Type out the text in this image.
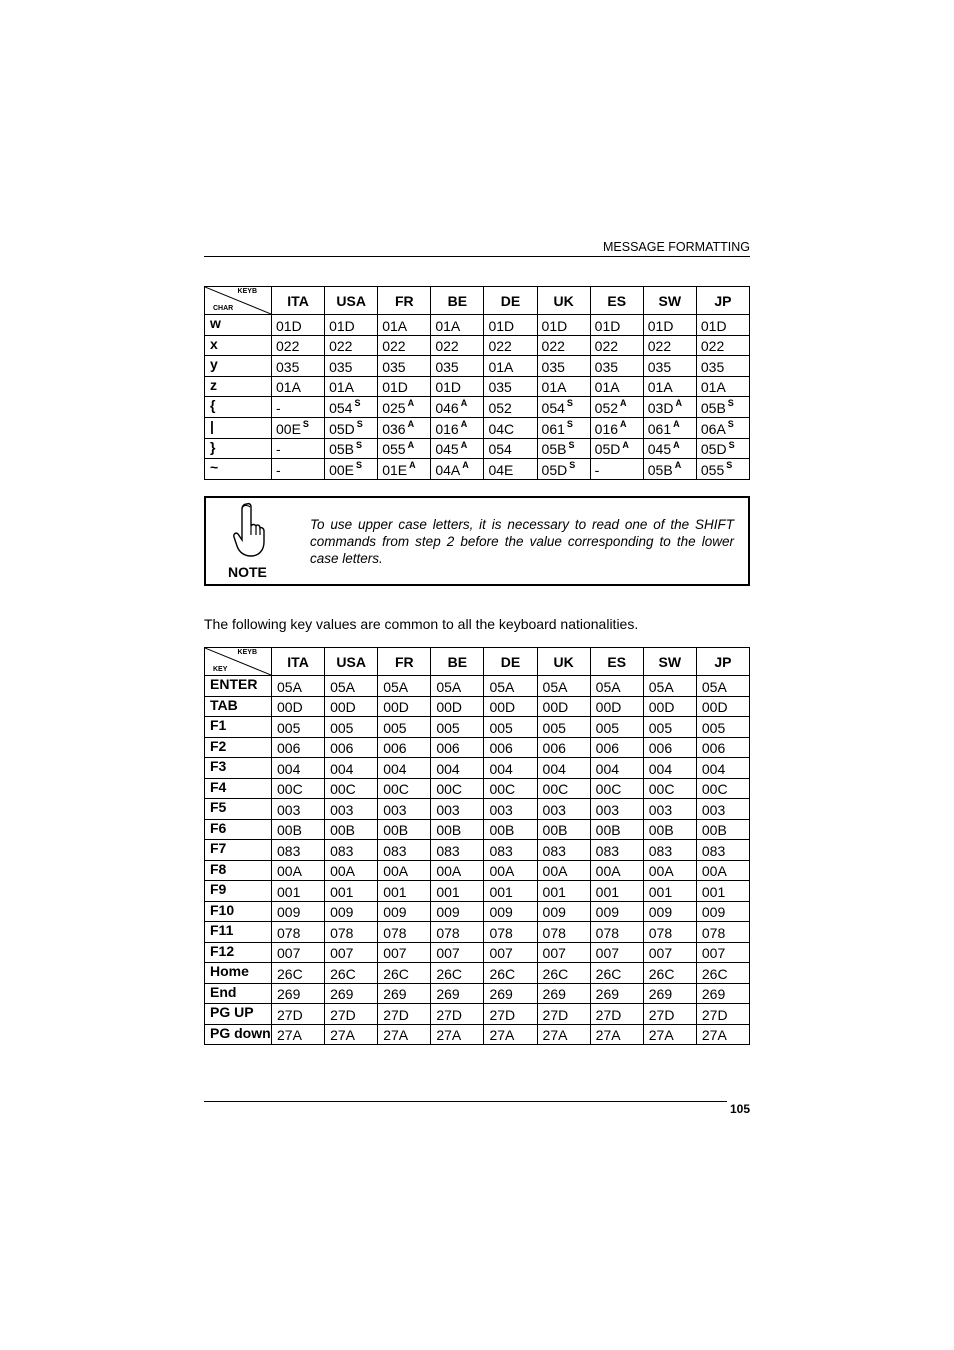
MESSAGE FORMATTING
KEYB
CHAR	ITA	USA	FR	BE	DE	UK	ES	SW	JP
w	01D	01D	01A	01A	01D	01D	01D	01D	01D
x	022	022	022	022	022	022	022	022	022
y	035	035	035	035	01A	035	035	035	035
z	01A	01A	01D	01D	035	01A	01A	01A	01A
{	-	054 $^S$	025 $^A$	046 $^A$	052	054 $^S$	052 $^A$	03D $^A$	05B $^S$
|	00E $^S$	05D $^S$	036 $^A$	016 $^A$	04C	061 $^S$	016 $^A$	061 $^A$	06A $^S$
}	-	05B $^S$	055 $^A$	045 $^A$	054	05B $^S$	05D $^A$	045 $^A$	05D $^S$
~	-	00E $^S$	01E $^A$	04A $^A$	04E	05D $^S$	-	05B $^A$	055 $^S$
NOTE
To use upper case letters, it is necessary to read one of the SHIFT commands from step 2 before the value corresponding to the lower case letters.
The following key values are common to all the keyboard nationalities.
KEYB
KEY	ITA	USA	FR	BE	DE	UK	ES	SW	JP
ENTER	05A	05A	05A	05A	05A	05A	05A	05A	05A
TAB	00D	00D	00D	00D	00D	00D	00D	00D	00D
F1	005	005	005	005	005	005	005	005	005
F2	006	006	006	006	006	006	006	006	006
F3	004	004	004	004	004	004	004	004	004
F4	00C	00C	00C	00C	00C	00C	00C	00C	00C
F5	003	003	003	003	003	003	003	003	003
F6	00B	00B	00B	00B	00B	00B	00B	00B	00B
F7	083	083	083	083	083	083	083	083	083
F8	00A	00A	00A	00A	00A	00A	00A	00A	00A
F9	001	001	001	001	001	001	001	001	001
F10	009	009	009	009	009	009	009	009	009
F11	078	078	078	078	078	078	078	078	078
F12	007	007	007	007	007	007	007	007	007
Home	26C	26C	26C	26C	26C	26C	26C	26C	26C
End	269	269	269	269	269	269	269	269	269
PG UP	27D	27D	27D	27D	27D	27D	27D	27D	27D
PG down	27A	27A	27A	27A	27A	27A	27A	27A	27A
105
